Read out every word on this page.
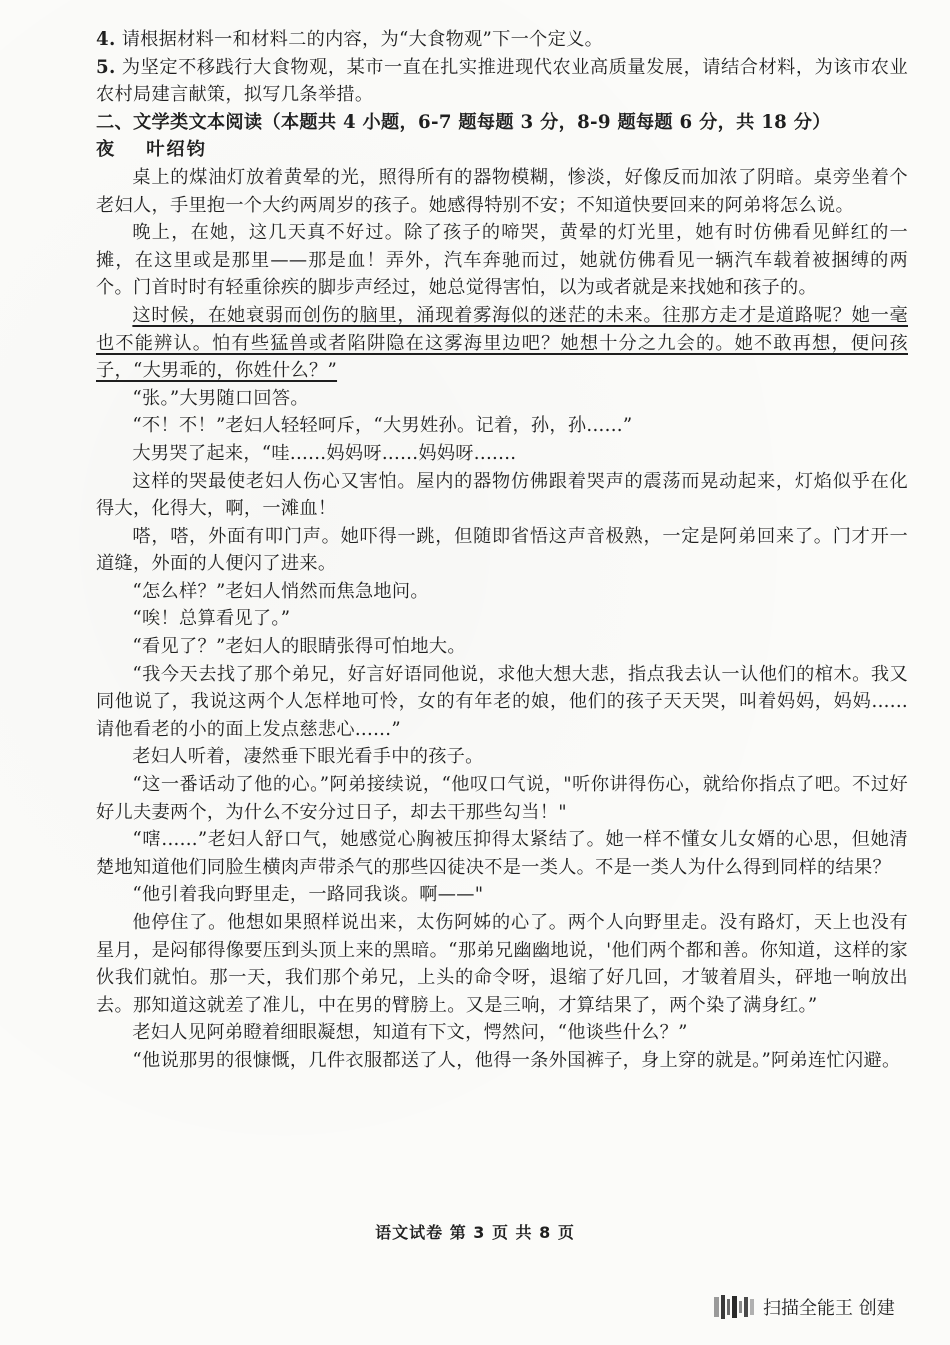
4. 请根据材料一和材料二的内容，为“大食物观”下一个定义。

5. 为坚定不移践行大食物观，某市一直在扎实推进现代农业高质量发展，请结合材料，为该市农业农村局建言献策，拟写几条举措。

二、文学类文本阅读（本题共 4 小题，6-7 题每题 3 分，8-9 题每题 6 分，共 18 分）

夜 叶绍钧

桌上的煤油灯放着黄晕的光，照得所有的器物模糊，惨淡，好像反而加浓了阴暗。桌旁坐着个老妇人，手里抱一个大约两周岁的孩子。她感得特别不安；不知道快要回来的阿弟将怎么说。

晚上，在她，这几天真不好过。除了孩子的啼哭，黄晕的灯光里，她有时仿佛看见鲜红的一摊，在这里或是那里——那是血！弄外，汽车奔驰而过，她就仿佛看见一辆汽车载着被捆缚的两个。门首时时有轻重徐疾的脚步声经过，她总觉得害怕，以为或者就是来找她和孩子的。

这时候，在她衰弱而创伤的脑里，涌现着雾海似的迷茫的未来。往那方走才是道路呢？她一毫也不能辨认。怕有些猛兽或者陷阱隐在这雾海里边吧？她想十分之九会的。她不敢再想，便问孩子，“大男乖的，你姓什么？”

“张。”大男随口回答。

“不！不！”老妇人轻轻呵斥，“大男姓孙。记着，孙，孙......”

大男哭了起来，“哇......妈妈呀......妈妈呀.......

这样的哭最使老妇人伤心又害怕。屋内的器物仿佛跟着哭声的震荡而晃动起来，灯焰似乎在化得大，化得大，啊，一滩血！

嗒，嗒，外面有叩门声。她吓得一跳，但随即省悟这声音极熟，一定是阿弟回来了。门才开一道缝，外面的人便闪了进来。

“怎么样？”老妇人悄然而焦急地问。

“唉！总算看见了。”

“看见了？”老妇人的眼睛张得可怕地大。

“我今天去找了那个弟兄，好言好语同他说，求他大想大悲，指点我去认一认他们的棺木。我又同他说了，我说这两个人怎样地可怜，女的有年老的娘，他们的孩子天天哭，叫着妈妈，妈妈......请他看老的小的面上发点慈悲心......”

老妇人听着，凄然垂下眼光看手中的孩子。

“这一番话动了他的心。”阿弟接续说，“他叹口气说，"听你讲得伤心，就给你指点了吧。不过好好儿夫妻两个，为什么不安分过日子，却去干那些勾当！"

“嗐......”老妇人舒口气，她感觉心胸被压抑得太紧结了。她一样不懂女儿女婿的心思，但她清楚地知道他们同脸生横肉声带杀气的那些囚徒决不是一类人。不是一类人为什么得到同样的结果？

“他引着我向野里走，一路同我谈。啊——"

他停住了。他想如果照样说出来，太伤阿姊的心了。两个人向野里走。没有路灯，天上也没有星月，是闷郁得像要压到头顶上来的黑暗。“那弟兄幽幽地说，'他们两个都和善。你知道，这样的家伙我们就怕。那一天，我们那个弟兄，上头的命令呀，退缩了好几回，才皱着眉头，砰地一响放出去。那知道这就差了准儿，中在男的臂膀上。又是三响，才算结果了，两个染了满身红。”

老妇人见阿弟瞪着细眼凝想，知道有下文，愕然问，“他谈些什么？”

“他说那男的很慷慨，几件衣服都送了人，他得一条外国裤子，身上穿的就是。”阿弟连忙闪避。

语文试卷 第 3 页 共 8 页
扫描全能王 创建
